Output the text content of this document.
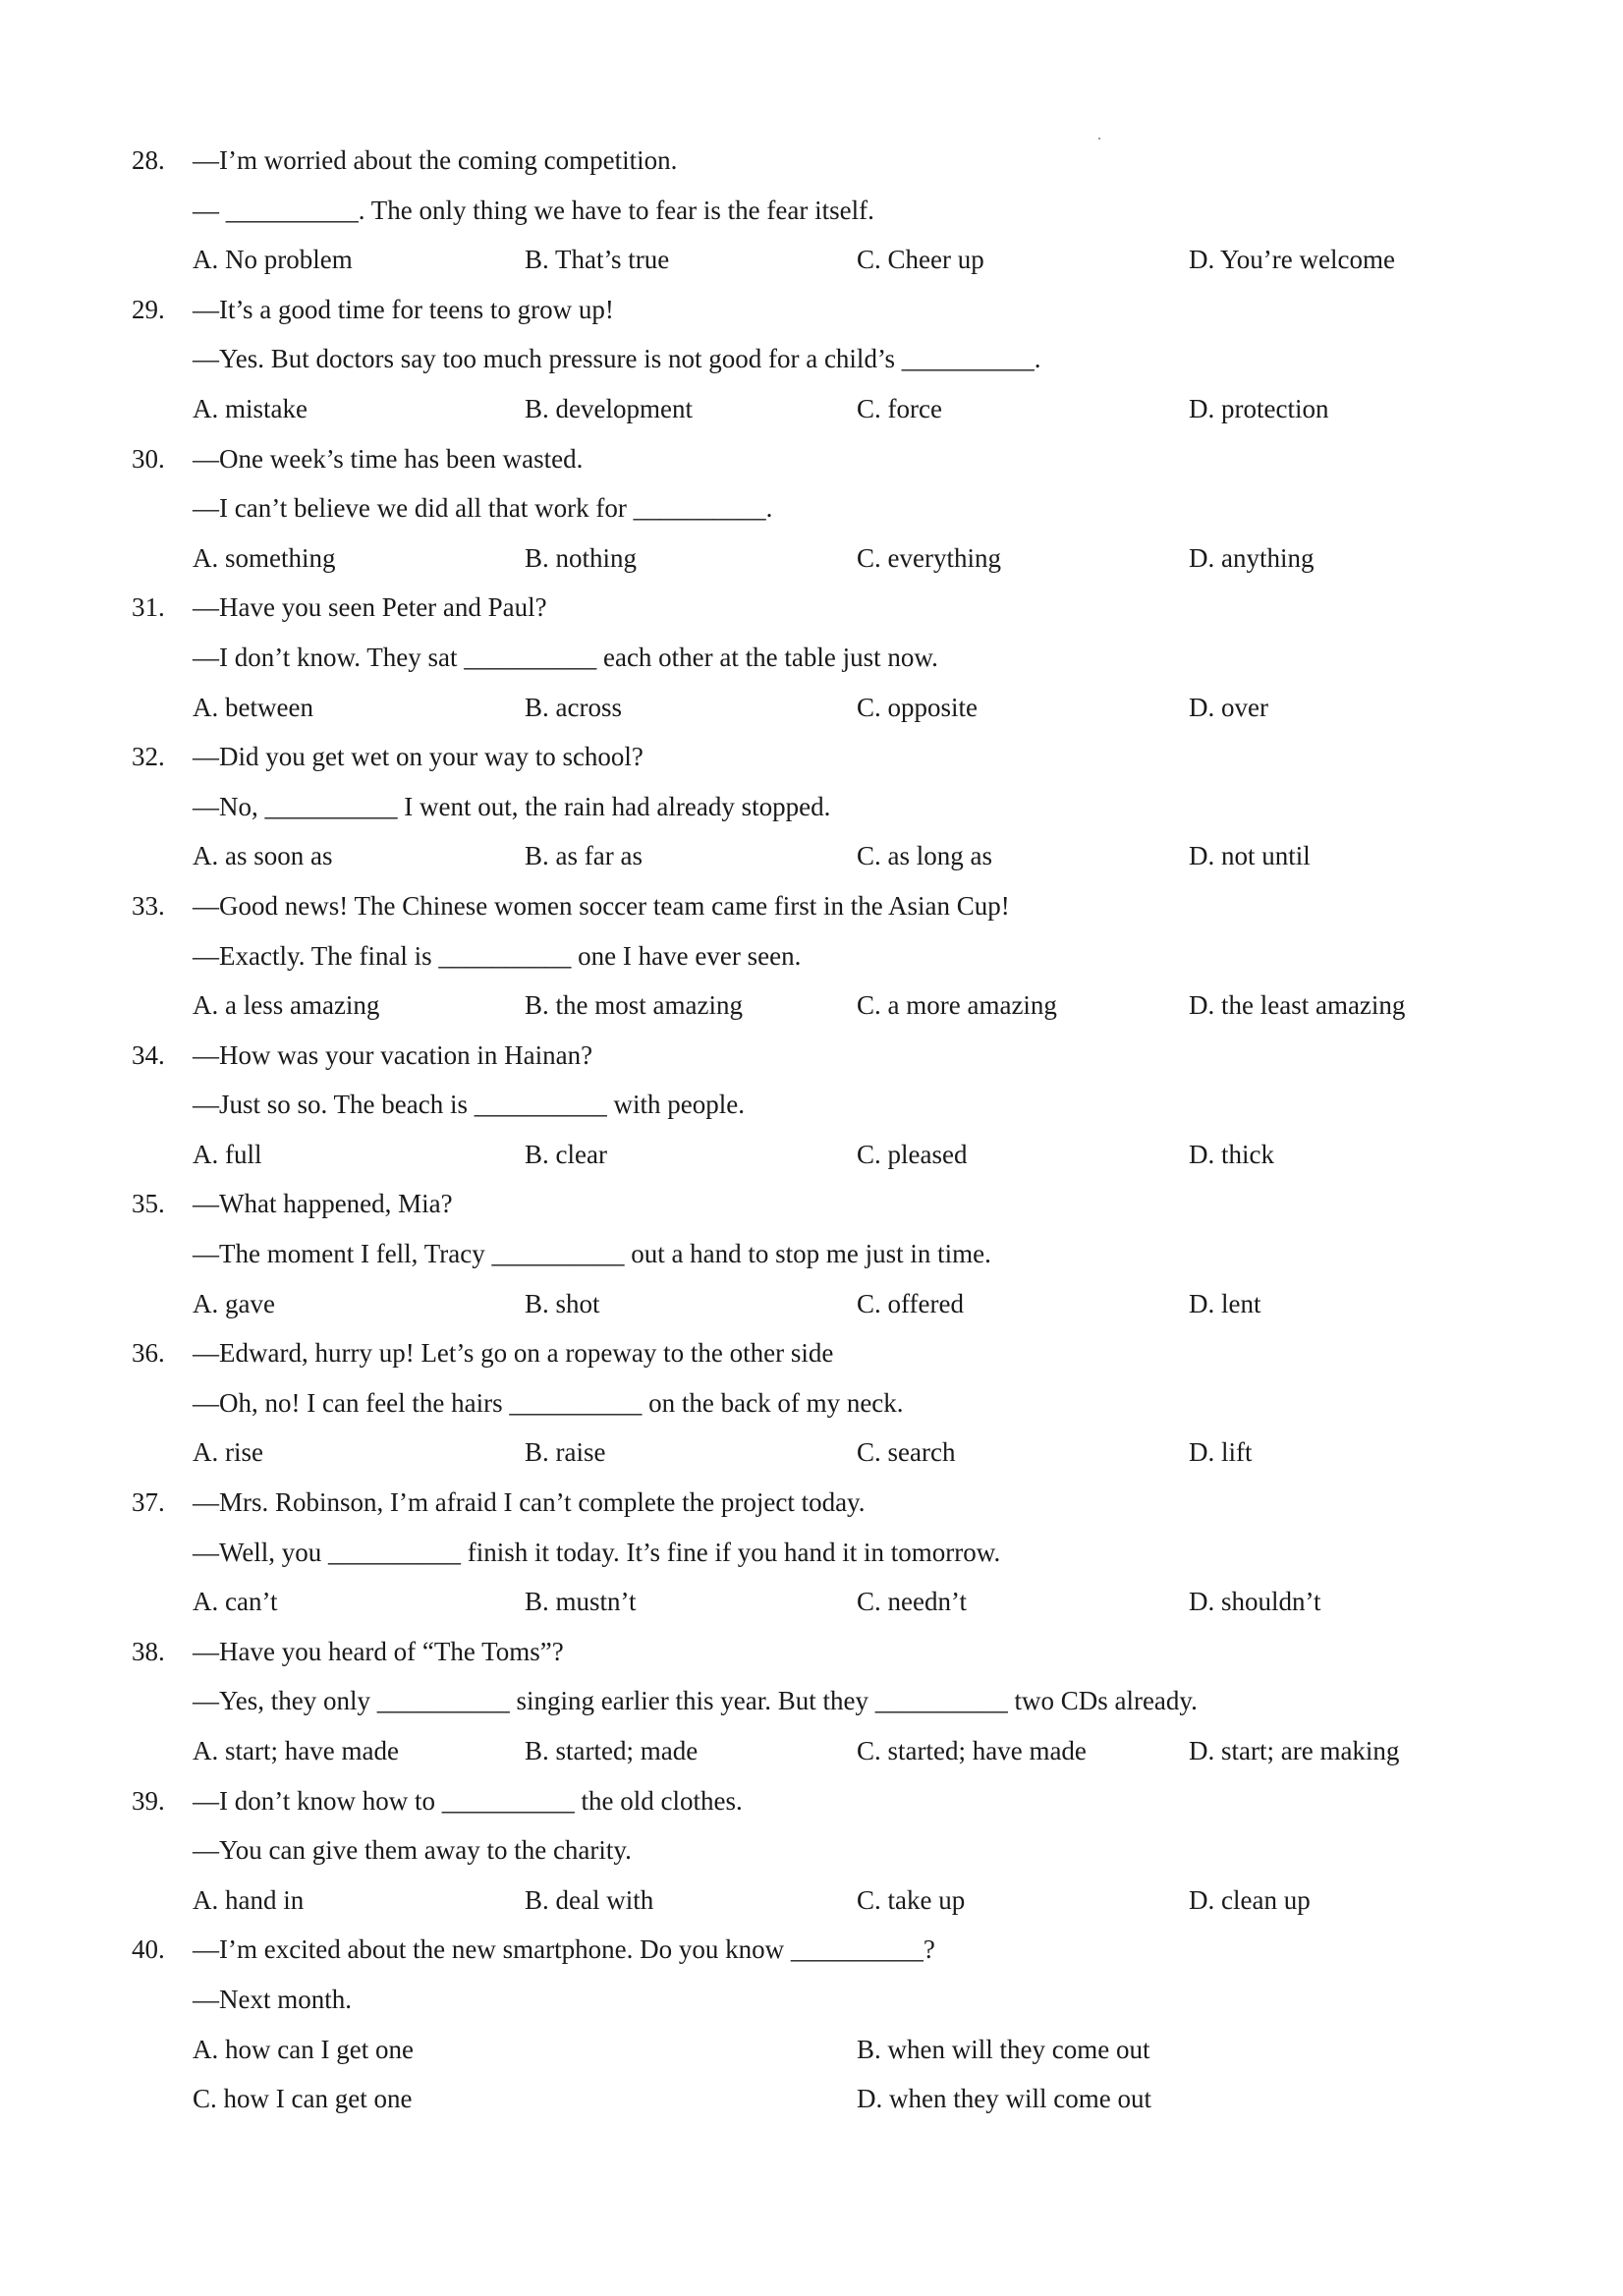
28.	—I’m worried about the coming competition.
— __________. The only thing we have to fear is the fear itself.
A. No problem	B. That’s true	C. Cheer up	D. You’re welcome
29.	—It’s a good time for teens to grow up!
—Yes. But doctors say too much pressure is not good for a child’s __________.
A. mistake	B. development	C. force	D. protection
30.	—One week’s time has been wasted.
—I can’t believe we did all that work for __________.
A. something	B. nothing	C. everything	D. anything
31.	—Have you seen Peter and Paul?
—I don’t know. They sat __________ each other at the table just now.
A. between	B. across	C. opposite	D. over
32.	—Did you get wet on your way to school?
—No, __________ I went out, the rain had already stopped.
A. as soon as	B. as far as	C. as long as	D. not until
33.	—Good news! The Chinese women soccer team came first in the Asian Cup!
—Exactly. The final is __________ one I have ever seen.
A. a less amazing	B. the most amazing	C. a more amazing	D. the least amazing
34.	—How was your vacation in Hainan?
—Just so so. The beach is __________ with people.
A. full	B. clear	C. pleased	D. thick
35.	—What happened, Mia?
—The moment I fell, Tracy __________ out a hand to stop me just in time.
A. gave	B. shot	C. offered	D. lent
36.	—Edward, hurry up! Let’s go on a ropeway to the other side
—Oh, no! I can feel the hairs __________ on the back of my neck.
A. rise	B. raise	C. search	D. lift
37.	—Mrs. Robinson, I’m afraid I can’t complete the project today.
—Well, you __________ finish it today. It’s fine if you hand it in tomorrow.
A. can’t	B. mustn’t	C. needn’t	D. shouldn’t
38.	—Have you heard of “The Toms”?
—Yes, they only __________ singing earlier this year. But they __________ two CDs already.
A. start; have made	B. started; made	C. started; have made	D. start; are making
39.	—I don’t know how to __________ the old clothes.
—You can give them away to the charity.
A. hand in	B. deal with	C. take up	D. clean up
40.	—I’m excited about the new smartphone. Do you know __________?
—Next month.
A. how can I get one	B. when will they come out
C. how I can get one	D. when they will come out
